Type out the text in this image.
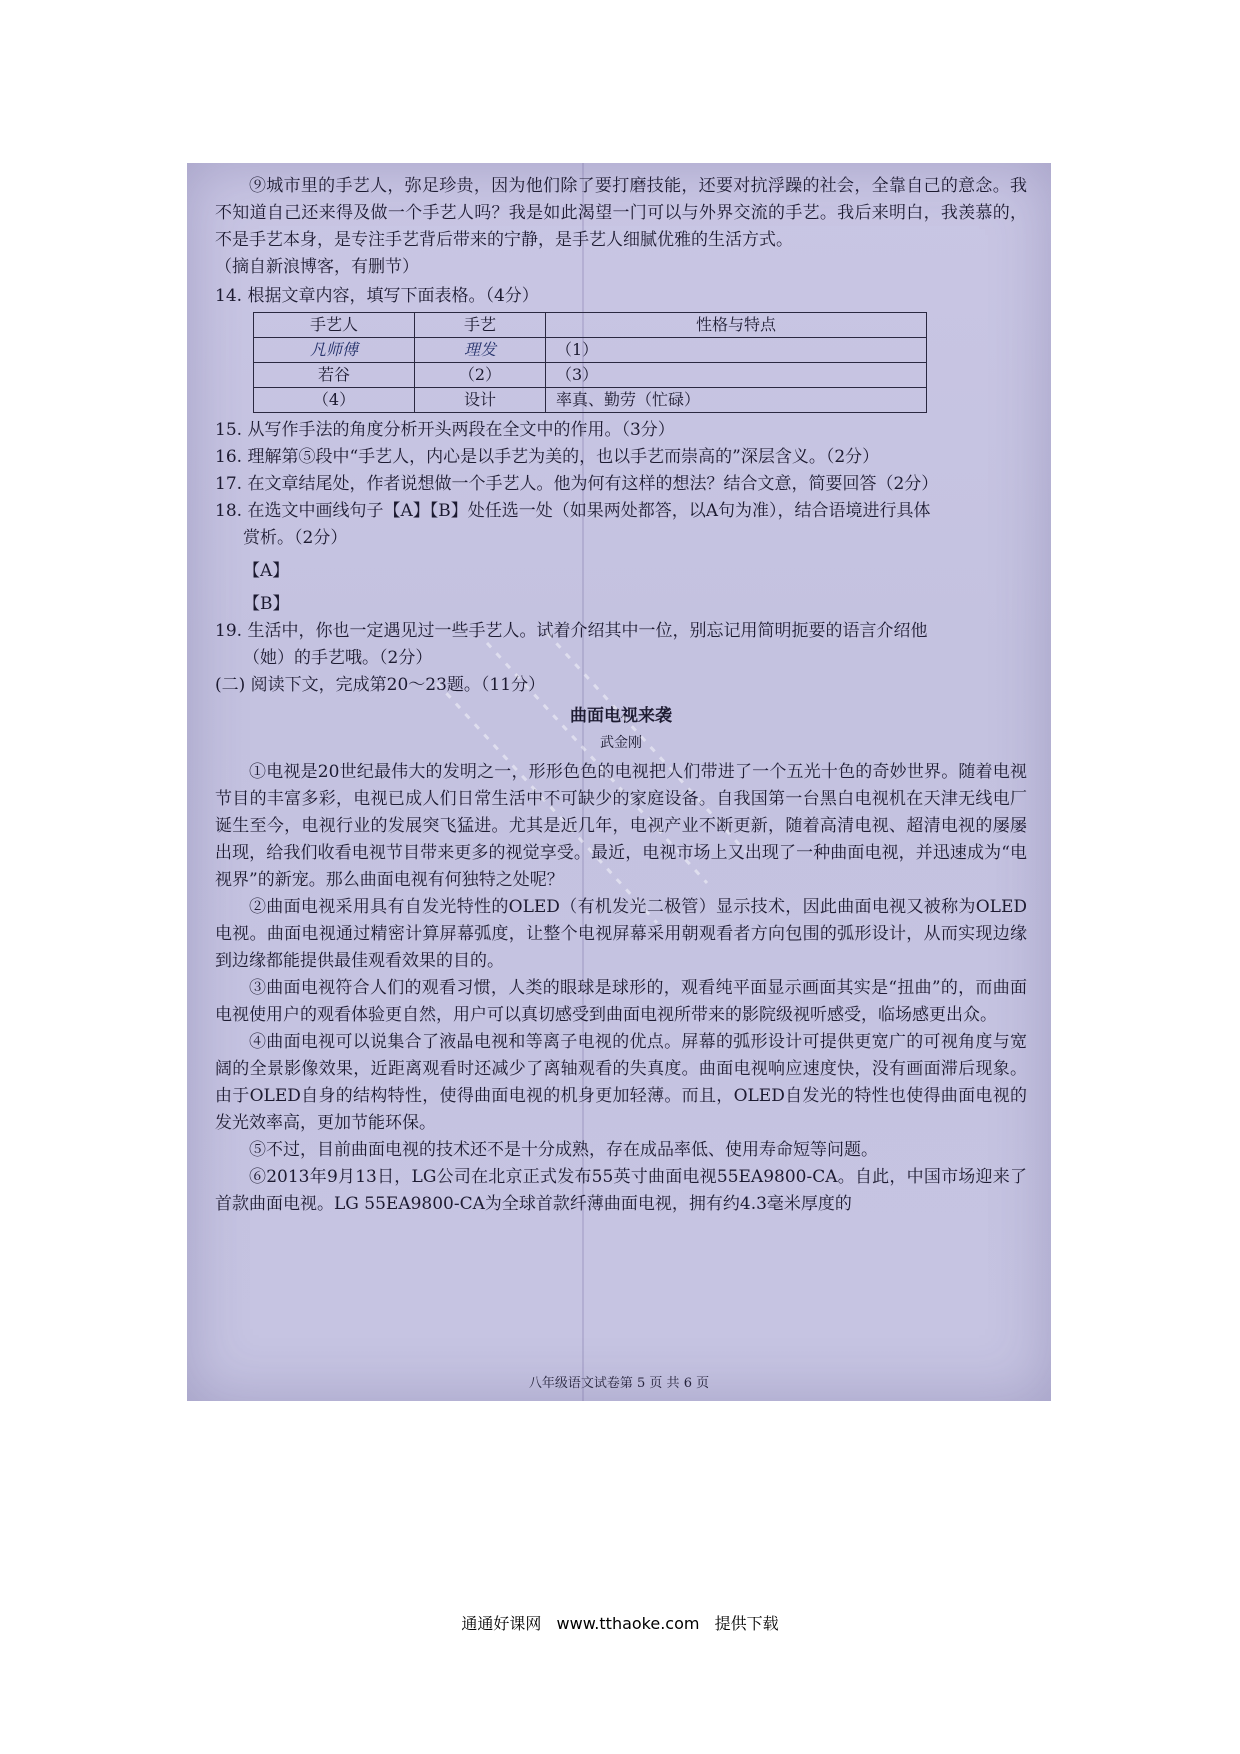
⑨城市里的手艺人，弥足珍贵，因为他们除了要打磨技能，还要对抗浮躁的社会，全靠自己的意念。我不知道自己还来得及做一个手艺人吗？我是如此渴望一门可以与外界交流的手艺。我后来明白，我羡慕的，不是手艺本身，是专注手艺背后带来的宁静，是手艺人细腻优雅的生活方式。

（摘自新浪博客，有删节）

14. 根据文章内容，填写下面表格。（4分）

手艺人	手艺	性格与特点
凡师傅	理发	（1）
若谷	（2）	（3）
（4）	设计	率真、勤劳（忙碌）

15. 从写作手法的角度分析开头两段在全文中的作用。（3分）

16. 理解第⑤段中“手艺人，内心是以手艺为美的，也以手艺而崇高的”深层含义。（2分）

17. 在文章结尾处，作者说想做一个手艺人。他为何有这样的想法？结合文意，简要回答（2分）

18. 在选文中画线句子【A】【B】处任选一处（如果两处都答，以A句为准），结合语境进行具体

赏析。（2分）

【A】

【B】

19. 生活中，你也一定遇见过一些手艺人。试着介绍其中一位，别忘记用简明扼要的语言介绍他

（她）的手艺哦。（2分）

(二) 阅读下文，完成第20～23题。（11分）

曲面电视来袭

武金刚

①电视是20世纪最伟大的发明之一，形形色色的电视把人们带进了一个五光十色的奇妙世界。随着电视节目的丰富多彩，电视已成人们日常生活中不可缺少的家庭设备。自我国第一台黑白电视机在天津无线电厂诞生至今，电视行业的发展突飞猛进。尤其是近几年，电视产业不断更新，随着高清电视、超清电视的屡屡出现，给我们收看电视节目带来更多的视觉享受。最近，电视市场上又出现了一种曲面电视，并迅速成为“电视界”的新宠。那么曲面电视有何独特之处呢？

②曲面电视采用具有自发光特性的OLED（有机发光二极管）显示技术，因此曲面电视又被称为OLED电视。曲面电视通过精密计算屏幕弧度，让整个电视屏幕采用朝观看者方向包围的弧形设计，从而实现边缘到边缘都能提供最佳观看效果的目的。

③曲面电视符合人们的观看习惯，人类的眼球是球形的，观看纯平面显示画面其实是“扭曲”的，而曲面电视使用户的观看体验更自然，用户可以真切感受到曲面电视所带来的影院级视听感受，临场感更出众。

④曲面电视可以说集合了液晶电视和等离子电视的优点。屏幕的弧形设计可提供更宽广的可视角度与宽阔的全景影像效果，近距离观看时还减少了离轴观看的失真度。曲面电视响应速度快，没有画面滞后现象。由于OLED自身的结构特性，使得曲面电视的机身更加轻薄。而且，OLED自发光的特性也使得曲面电视的发光效率高，更加节能环保。

⑤不过，目前曲面电视的技术还不是十分成熟，存在成品率低、使用寿命短等问题。

⑥2013年9月13日，LG公司在北京正式发布55英寸曲面电视55EA9800-CA。自此，中国市场迎来了首款曲面电视。LG 55EA9800-CA为全球首款纤薄曲面电视，拥有约4.3毫米厚度的

八年级语文试卷第 5 页 共 6 页
通通好课网 www.tthaoke.com 提供下载
